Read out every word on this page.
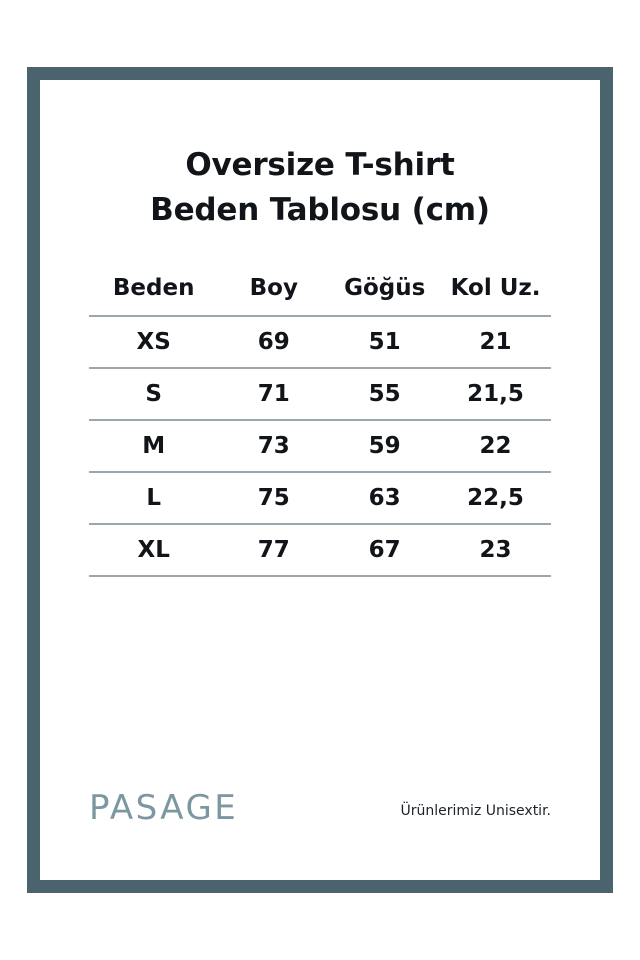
Oversize T-shirt
Beden Tablosu (cm)
Beden	Boy	Göğüs	Kol Uz.
XS	69	51	21
S	71	55	21,5
M	73	59	22
L	75	63	22,5
XL	77	67	23
PASAGE	Ürünlerimiz Unisextir.
